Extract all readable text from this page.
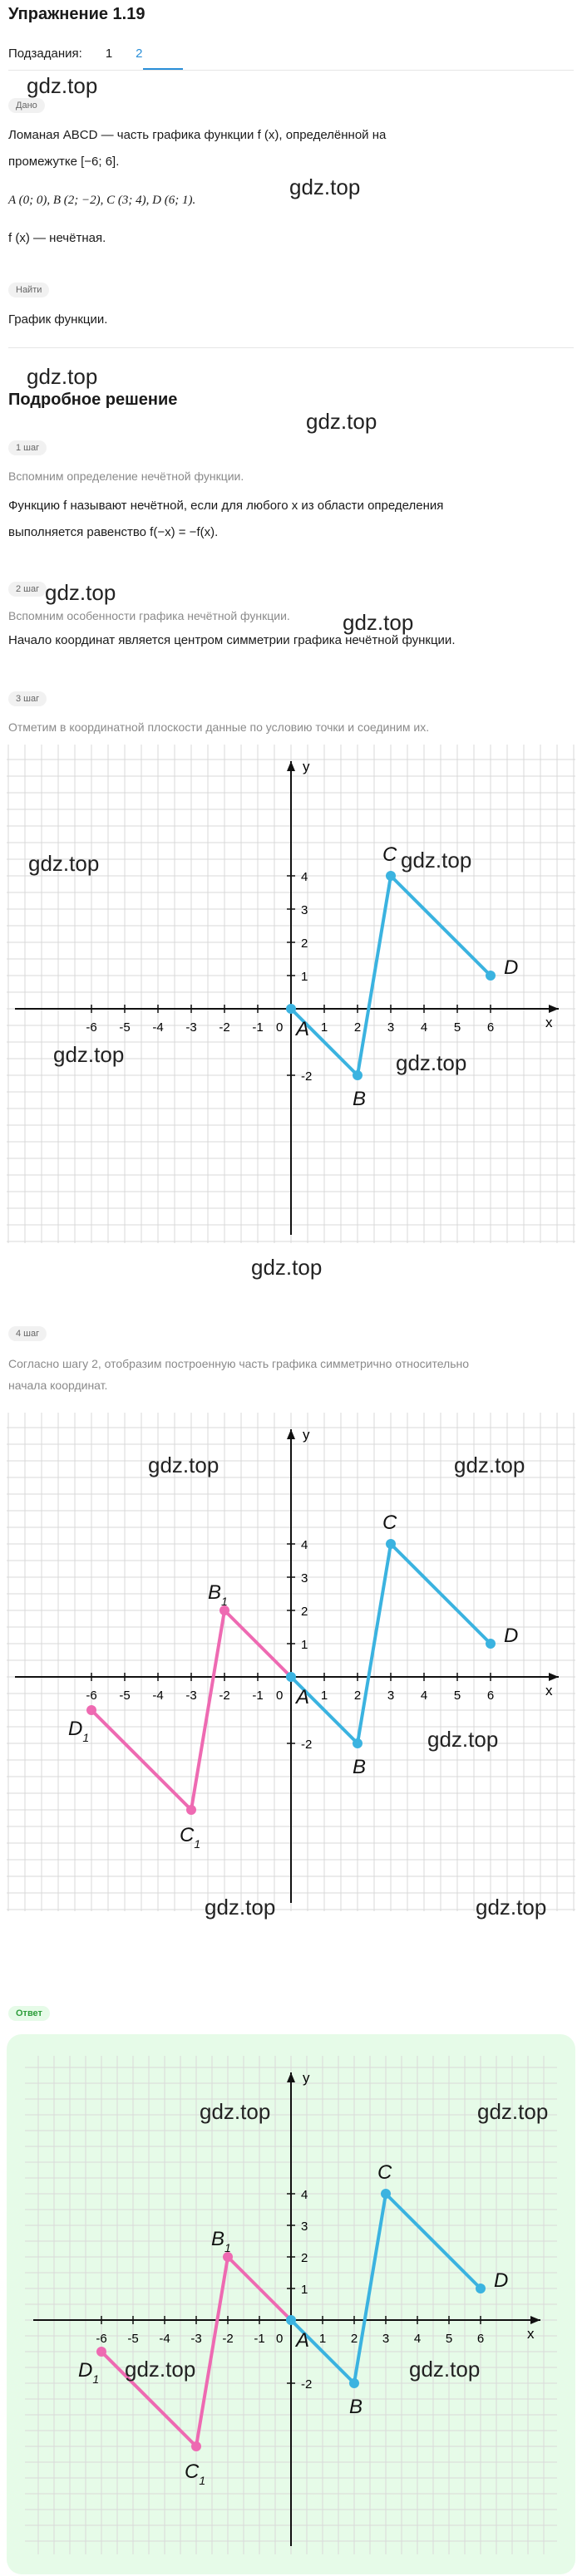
Упражнение 1.19
Подзадания: 1 2
Дано
Ломаная ABCD — часть графика функции f (x), определённой на
промежутке [−6; 6].
A (0; 0), B (2; −2), C (3; 4), D (6; 1).
f (x) — нечётная.
Найти
График функции.
Подробное решение
1 шаг
Вспомним определение нечётной функции.
Функцию f называют нечётной, если для любого x из области определения
выполняется равенство f(−x) = −f(x).
2 шаг
Вспомним особенности графика нечётной функции.
Начало координат является центром симметрии графика нечётной функции.
3 шаг
Отметим в координатной плоскости данные по условию точки и соединим их.
x
y
-6 -5 -4 -3 -2 -1	1 2 3 4 5 6
-2
1
2
3
4
0 A
B
C
D
4 шаг
Согласно шагу 2, отобразим построенную часть графика симметрично относительно
начала координат.
x
y
-6 -5 -4 -3 -2 -1	1 2 3 4 5 6
-2
1
2
3
4
0 A
B
C
D
$B_1$
$C_1$
$D_1$
Ответ
x
y
-6 -5 -4 -3 -2 -1	1 2 3 4 5 6
-2
1
2
3
4
0 A
B
C
D
$B_1$
$C_1$
$D_1$
gdz.top
gdz.top
gdz.top
gdz.top
gdz.top
gdz.top
gdz.top	gdz.top
gdz.top	gdz.top
gdz.top
gdz.top	gdz.top
gdz.top
gdz.top	gdz.top
gdz.top	gdz.top
gdz.top	gdz.top
